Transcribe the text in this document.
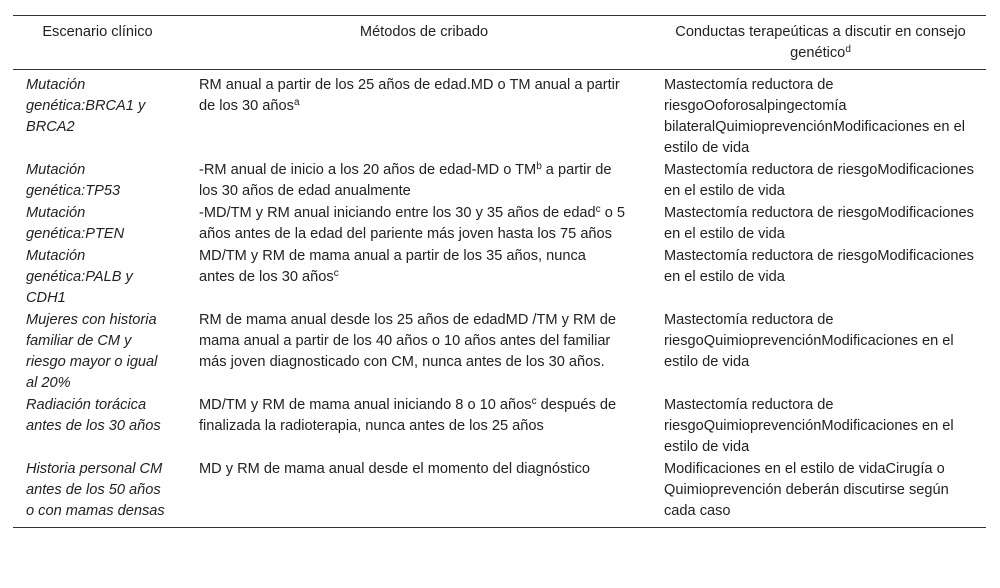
Escenario clínico	Métodos de cribado	Conductas terapeúticas a discutir en consejo genético$^d$
Mutación genética:BRCA1 y BRCA2	RM anual a partir de los 25 años de edad.MD o TM anual a partir de los 30 años$^a$	Mastectomía reductora de riesgoOoforosalpingectomía bilateralQuimioprevenciónModificaciones en el estilo de vida
Mutación genética:TP53	-RM anual de inicio a los 20 años de edad-MD o $TM^b$ a partir de los 30 años de edad anualmente	Mastectomía reductora de riesgoModificaciones en el estilo de vida
Mutación genética:PTEN	-MD/TM y RM anual iniciando entre los 30 y 35 años de edad$^c$ o 5 años antes de la edad del pariente más joven hasta los 75 años	Mastectomía reductora de riesgoModificaciones en el estilo de vida
Mutación genética:PALB y CDH1	MD/TM y RM de mama anual a partir de los 35 años, nunca antes de los 30 años$^c$	Mastectomía reductora de riesgoModificaciones en el estilo de vida
Mujeres con historia familiar de CM y riesgo mayor o igual al 20%	RM de mama anual desde los 25 años de edadMD /TM y RM de mama anual a partir de los 40 años o 10 años antes del familiar más joven diagnosticado con CM, nunca antes de los 30 años.	Mastectomía reductora de riesgoQuimioprevenciónModificaciones en el estilo de vida
Radiación torácica antes de los 30 años	MD/TM y RM de mama anual iniciando 8 o 10 años$^c$ después de finalizada la radioterapia, nunca antes de los 25 años	Mastectomía reductora de riesgoQuimioprevenciónModificaciones en el estilo de vida
Historia personal CM antes de los 50 años o con mamas densas	MD y RM de mama anual desde el momento del diagnóstico	Modificaciones en el estilo de vidaCirugía o Quimioprevención deberán discutirse según cada caso
